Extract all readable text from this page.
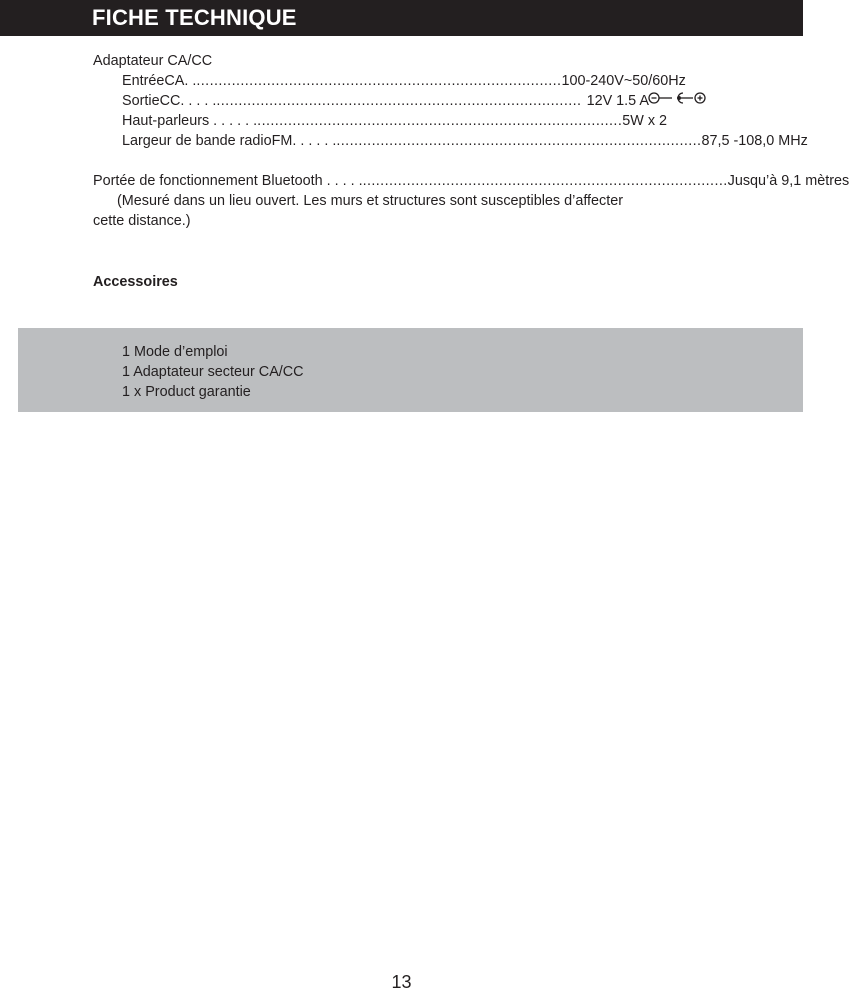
FICHE TECHNIQUE
Adaptateur CA/CC
EntréeCA. . ................................................................................... 100-240V~50/60Hz
SortieCC. . . . . ................................................................................... 12V 1.5 A
Haut-parleurs . . . . . . ................................................................................... 5W x 2
Largeur de bande radioFM. . . . . . ................................................................................... 87,5 -108,0 MHz
Portée de fonctionnement Bluetooth . . . . . ................................................................................... Jusqu’à 9,1 mètres
(Mesuré dans un lieu ouvert. Les murs et structures sont susceptibles d’affecter
cette distance.)
Accessoires
1 Mode d’emploi
1 Adaptateur secteur CA/CC
1 x Product garantie
13
